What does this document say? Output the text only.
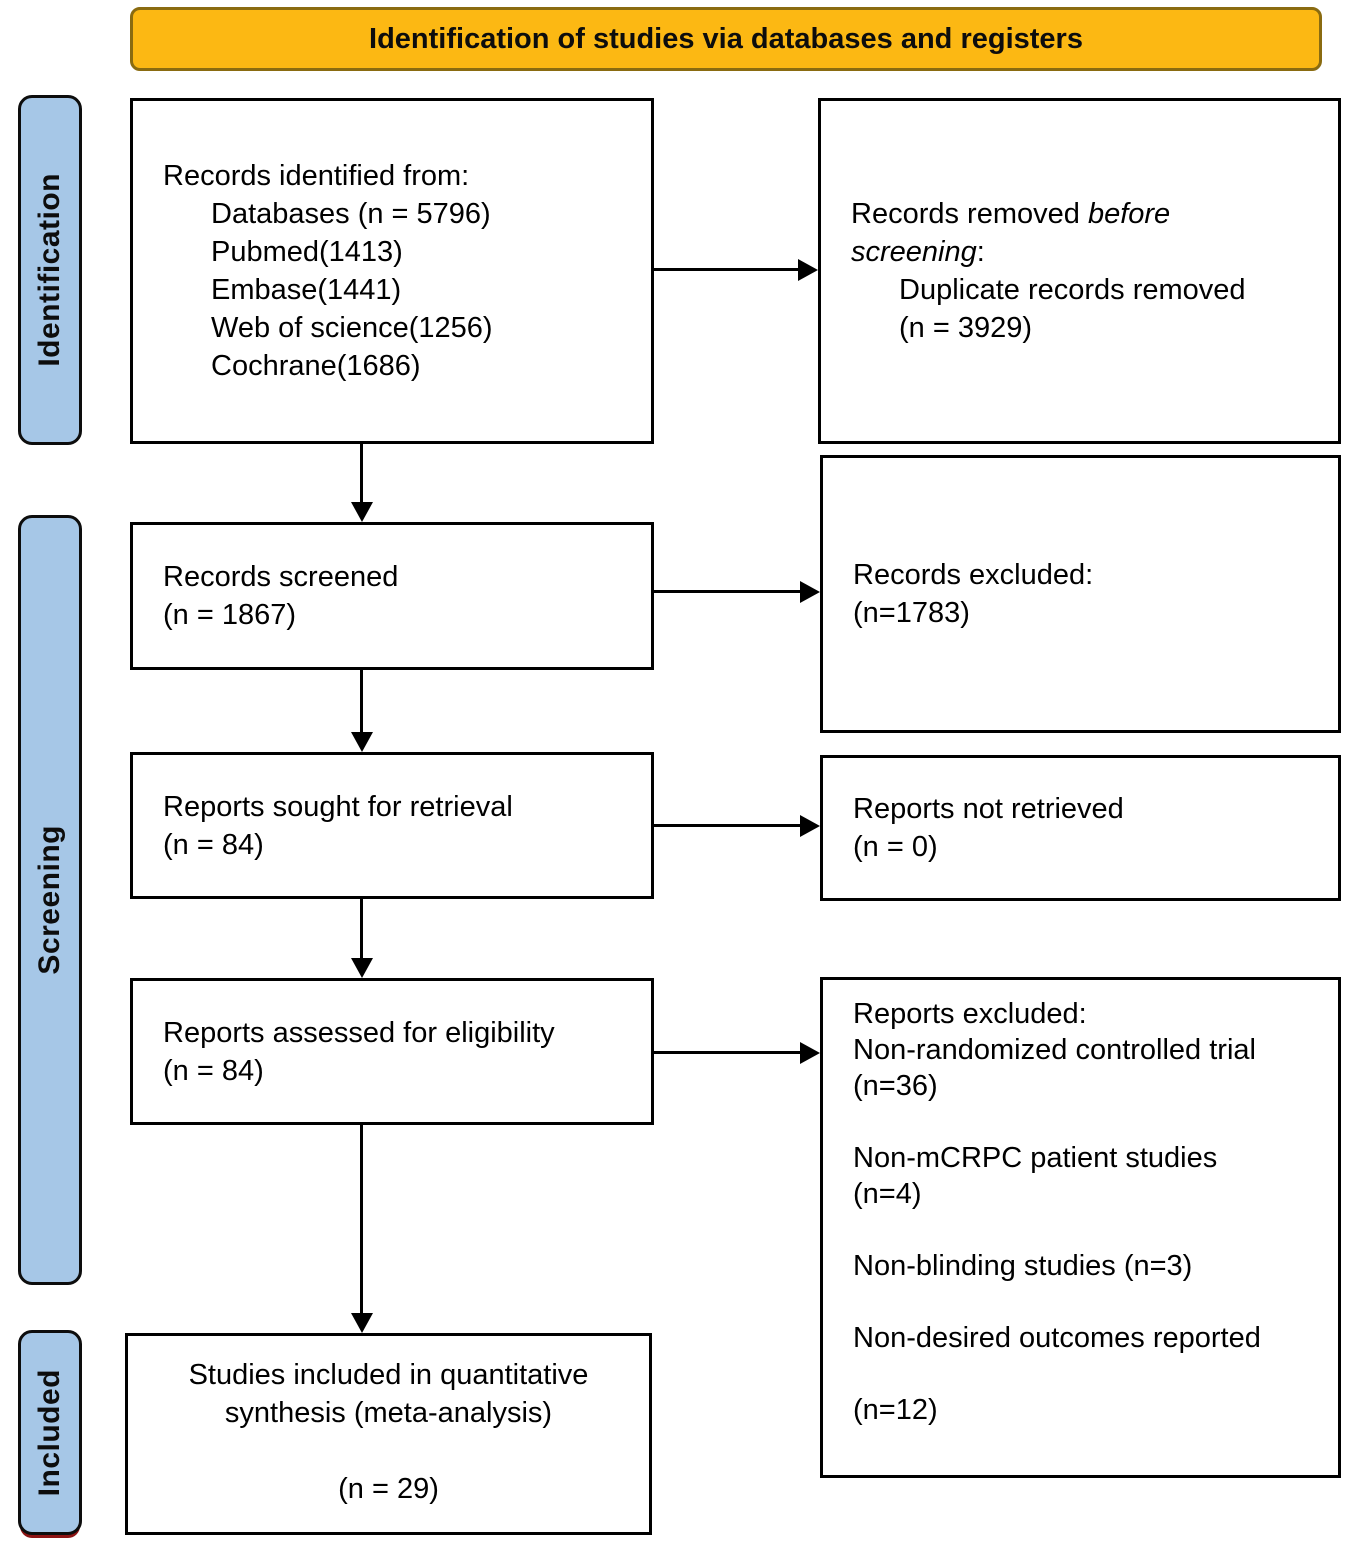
Identification of studies via databases and registers
Identification
Screening
Included
Records identified from:
Databases (n = 5796)
Pubmed(1413)
Embase(1441)
Web of science(1256)
Cochrane(1686)
Records removed before
screening:
Duplicate records removed
(n = 3929)
Records screened
(n = 1867)
Records excluded:
(n=1783)
Reports sought for retrieval
(n = 84)
Reports not retrieved
(n = 0)
Reports assessed for eligibility
(n = 84)
Reports excluded:
Non-randomized controlled trial
(n=36)
Non-mCRPC patient studies
(n=4)
Non-blinding studies (n=3)
Non-desired outcomes reported
(n=12)
Studies included in quantitative
synthesis (meta-analysis)
(n = 29)
